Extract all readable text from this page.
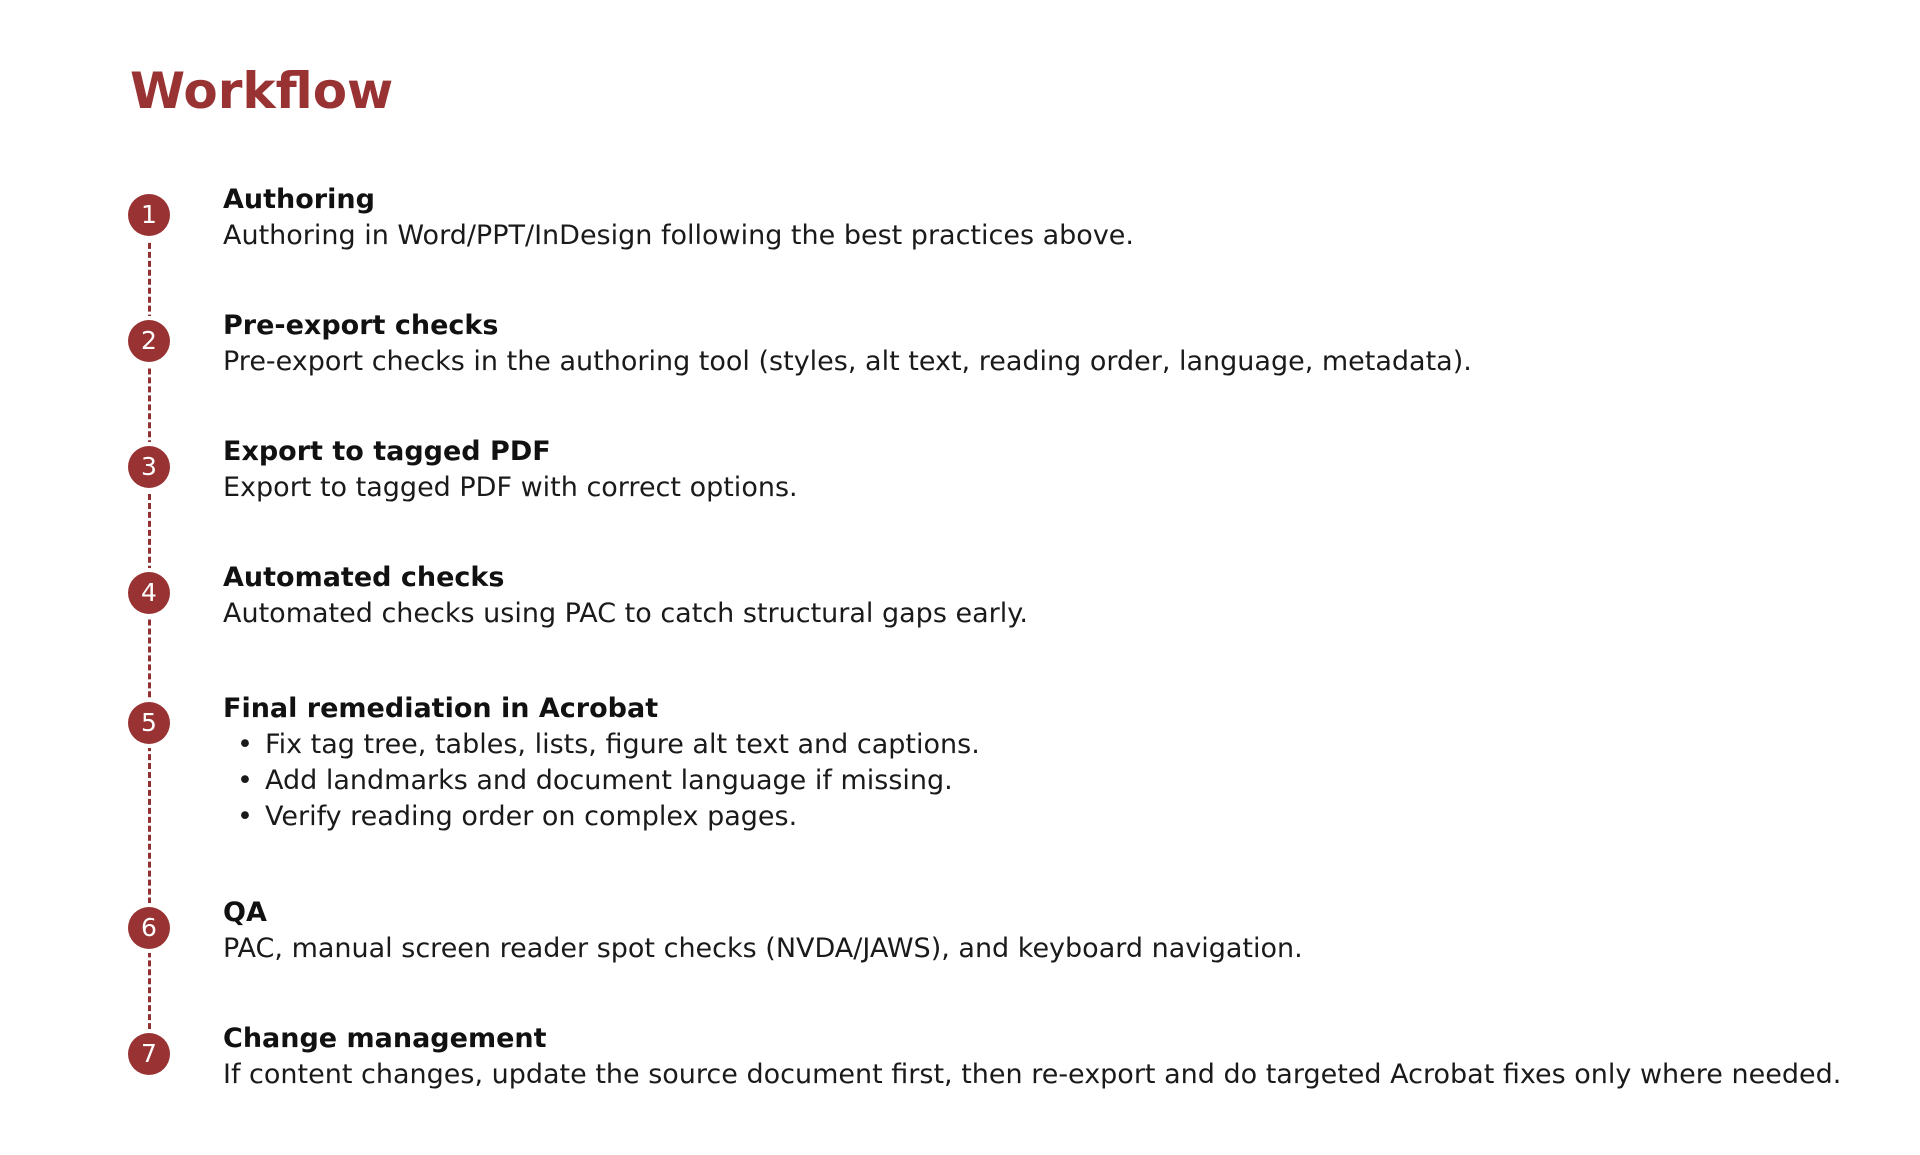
Workflow
1	Authoring
Authoring in Word/PPT/InDesign following the best practices above.
2	Pre-export checks
Pre-export checks in the authoring tool (styles, alt text, reading order, language, metadata).
3	Export to tagged PDF
Export to tagged PDF with correct options.
4	Automated checks
Automated checks using PAC to catch structural gaps early.
5	Final remediation in Acrobat
• Fix tag tree, tables, lists, figure alt text and captions.
• Add landmarks and document language if missing.
• Verify reading order on complex pages.
6	QA
PAC, manual screen reader spot checks (NVDA/JAWS), and keyboard navigation.
7	Change management
If content changes, update the source document first, then re-export and do targeted Acrobat fixes only where needed.
